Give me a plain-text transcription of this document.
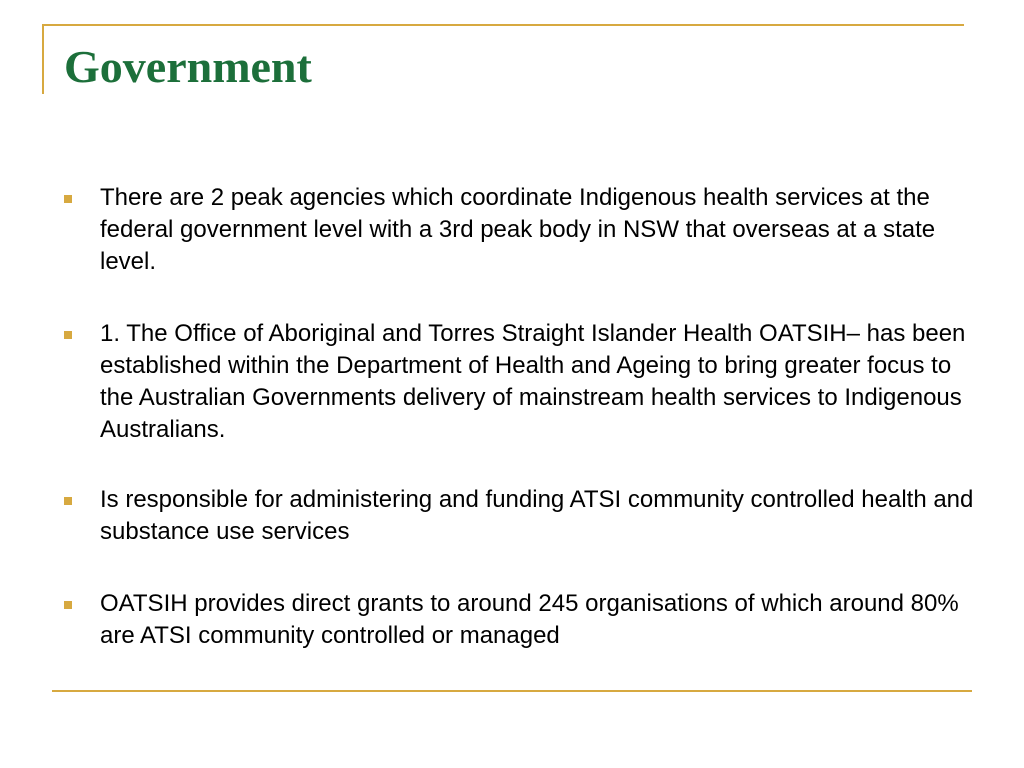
Government
There are 2 peak agencies which coordinate Indigenous health services at the federal government level with a 3rd peak body in NSW that overseas at a state level.
1. The Office of Aboriginal and Torres Straight Islander Health OATSIH– has been established within the Department of Health and Ageing to bring greater focus to the Australian Governments delivery of mainstream health services to Indigenous Australians.
Is responsible for administering and funding ATSI community controlled health and substance use services
OATSIH provides direct grants to around 245 organisations of which around 80% are ATSI community controlled or managed
